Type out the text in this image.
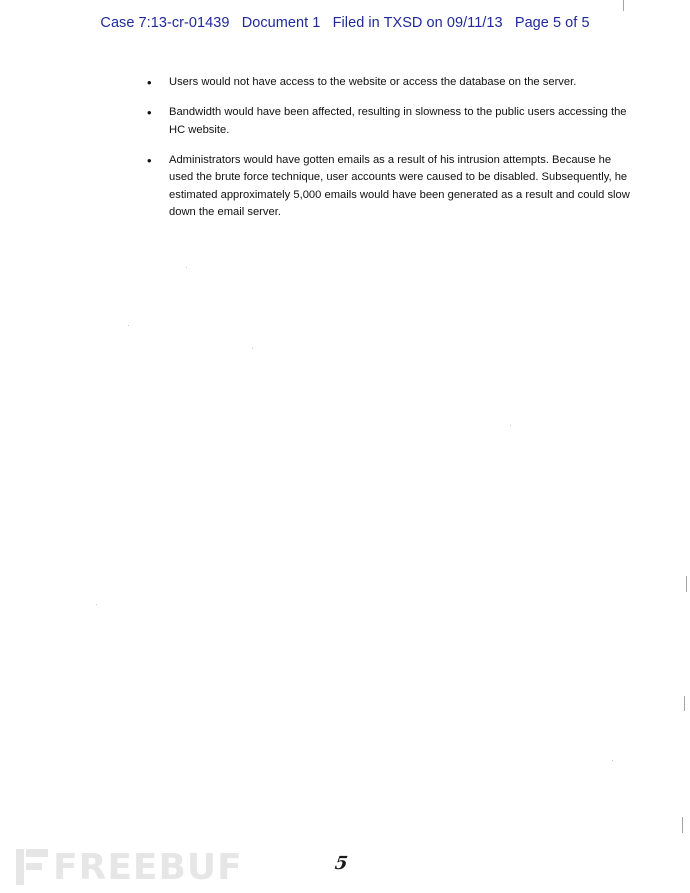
Case 7:13-cr-01439   Document 1   Filed in TXSD on 09/11/13   Page 5 of 5
• Users would not have access to the website or access the database on the server.
• Bandwidth would have been affected, resulting in slowness to the public users accessing the HC website.
• Administrators would have gotten emails as a result of his intrusion attempts. Because he used the brute force technique, user accounts were caused to be disabled. Subsequently, he estimated approximately 5,000 emails would have been generated as a result and could slow down the email server.
5
FREEBUF
